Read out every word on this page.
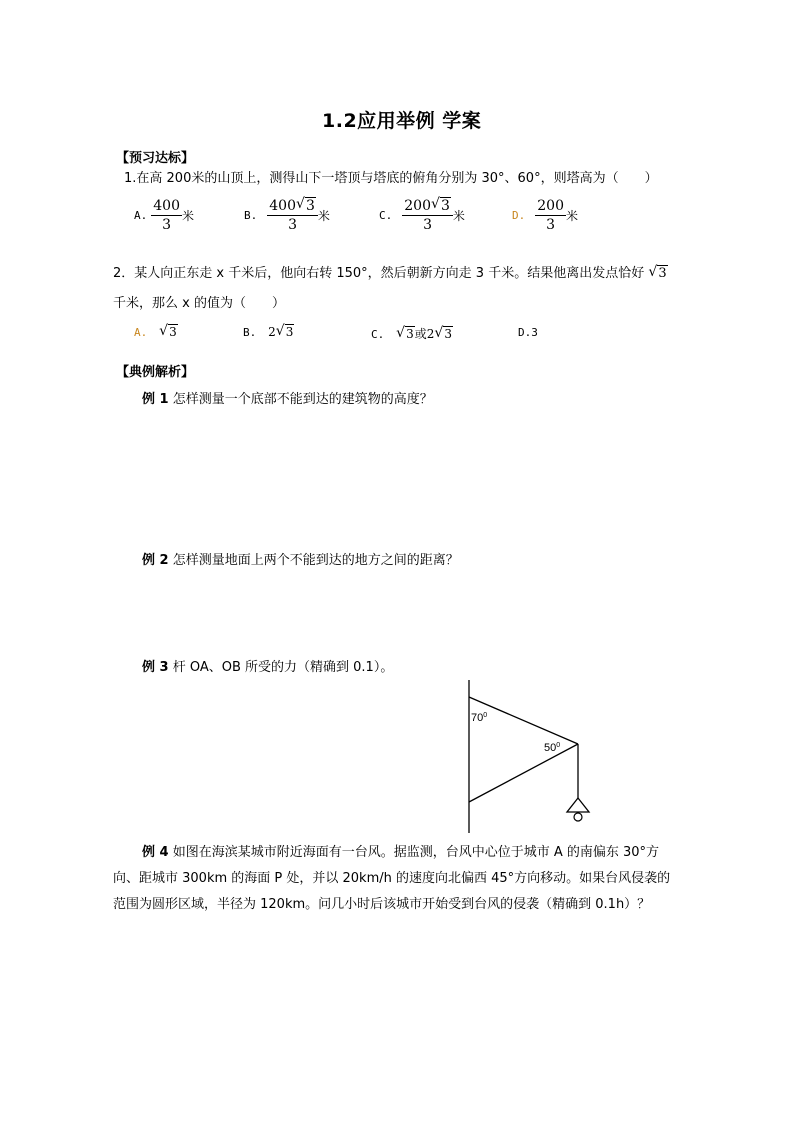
1.2应用举例 学案
【预习达标】
1.在高 200米的山顶上，测得山下一塔顶与塔底的俯角分别为 30°、60°，则塔高为（　　）
A. $\frac{400}{3}$ 米	B. $\frac{400 √ 3}{3}$ 米	C. $\frac{200 √ 3}{3}$ 米	D. $\frac{200}{3}$ 米
2．某人向正东走 x 千米后，他向右转 150°，然后朝新方向走 3 千米。结果他离出发点恰好 √ 3
千米，那么 x 的值为（　　）
A. √ 3	B. 2 √ 3	C. √ 3或2 √ 3	D.3
【典例解析】
例 1 怎样测量一个底部不能到达的建筑物的高度？
例 2 怎样测量地面上两个不能到达的地方之间的距离？
例 3 杆 OA、OB 所受的力（精确到 0.1）。
$70^0$
$50^0$
例 4 如图在海滨某城市附近海面有一台风。据监测，台风中心位于城市 A 的南偏东 30°方
向、距城市 300km 的海面 P 处，并以 20km/h 的速度向北偏西 45°方向移动。如果台风侵袭的
范围为圆形区域，半径为 120km。问几小时后该城市开始受到台风的侵袭（精确到 0.1h）？
